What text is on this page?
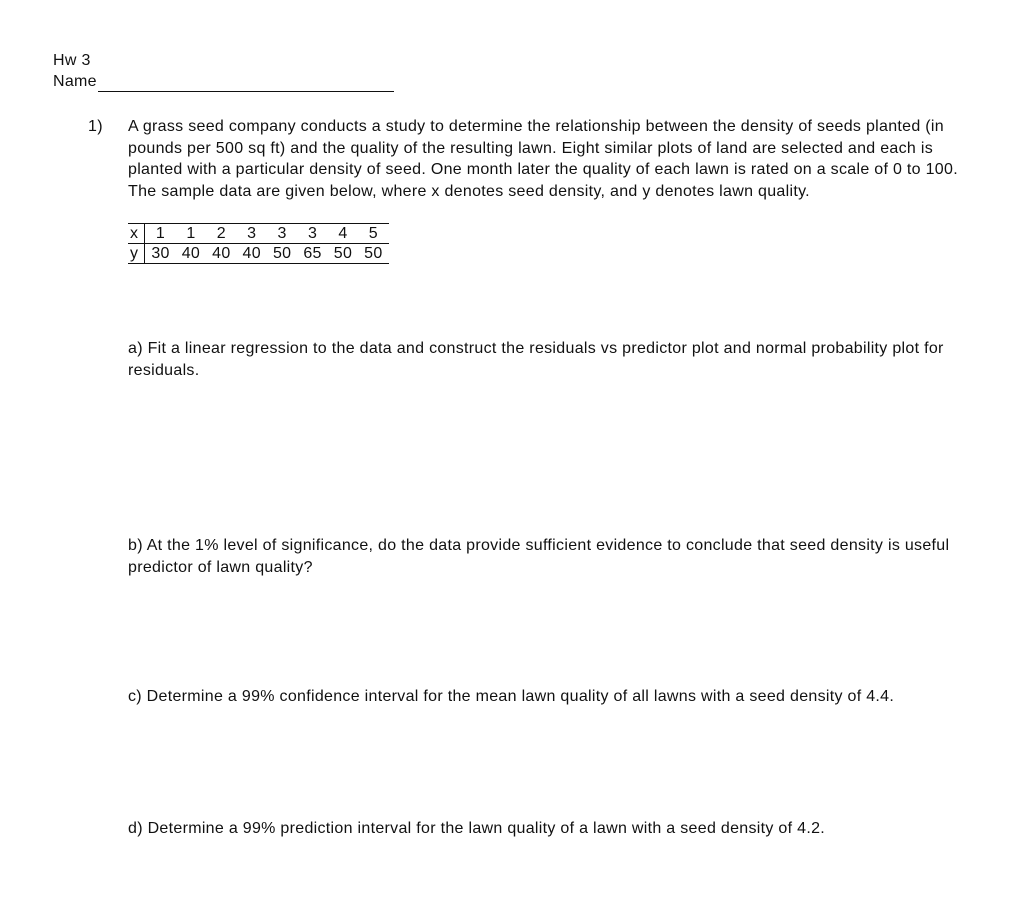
Hw 3
Name
1) A grass seed company conducts a study to determine the relationship between the density of seeds planted (in pounds per 500 sq ft) and the quality of the resulting lawn. Eight similar plots of land are selected and each is planted with a particular density of seed. One month later the quality of each lawn is rated on a scale of 0 to 100. The sample data are given below, where x denotes seed density, and y denotes lawn quality.
x	1	1	2	3	3	3	4	5
y	30	40	40	40	50	65	50	50
a) Fit a linear regression to the data and construct the residuals vs predictor plot and normal probability plot for residuals.
b) At the 1% level of significance, do the data provide sufficient evidence to conclude that seed density is useful predictor of lawn quality?
c) Determine a 99% confidence interval for the mean lawn quality of all lawns with a seed density of 4.4.
d) Determine a 99% prediction interval for the lawn quality of a lawn with a seed density of 4.2.
